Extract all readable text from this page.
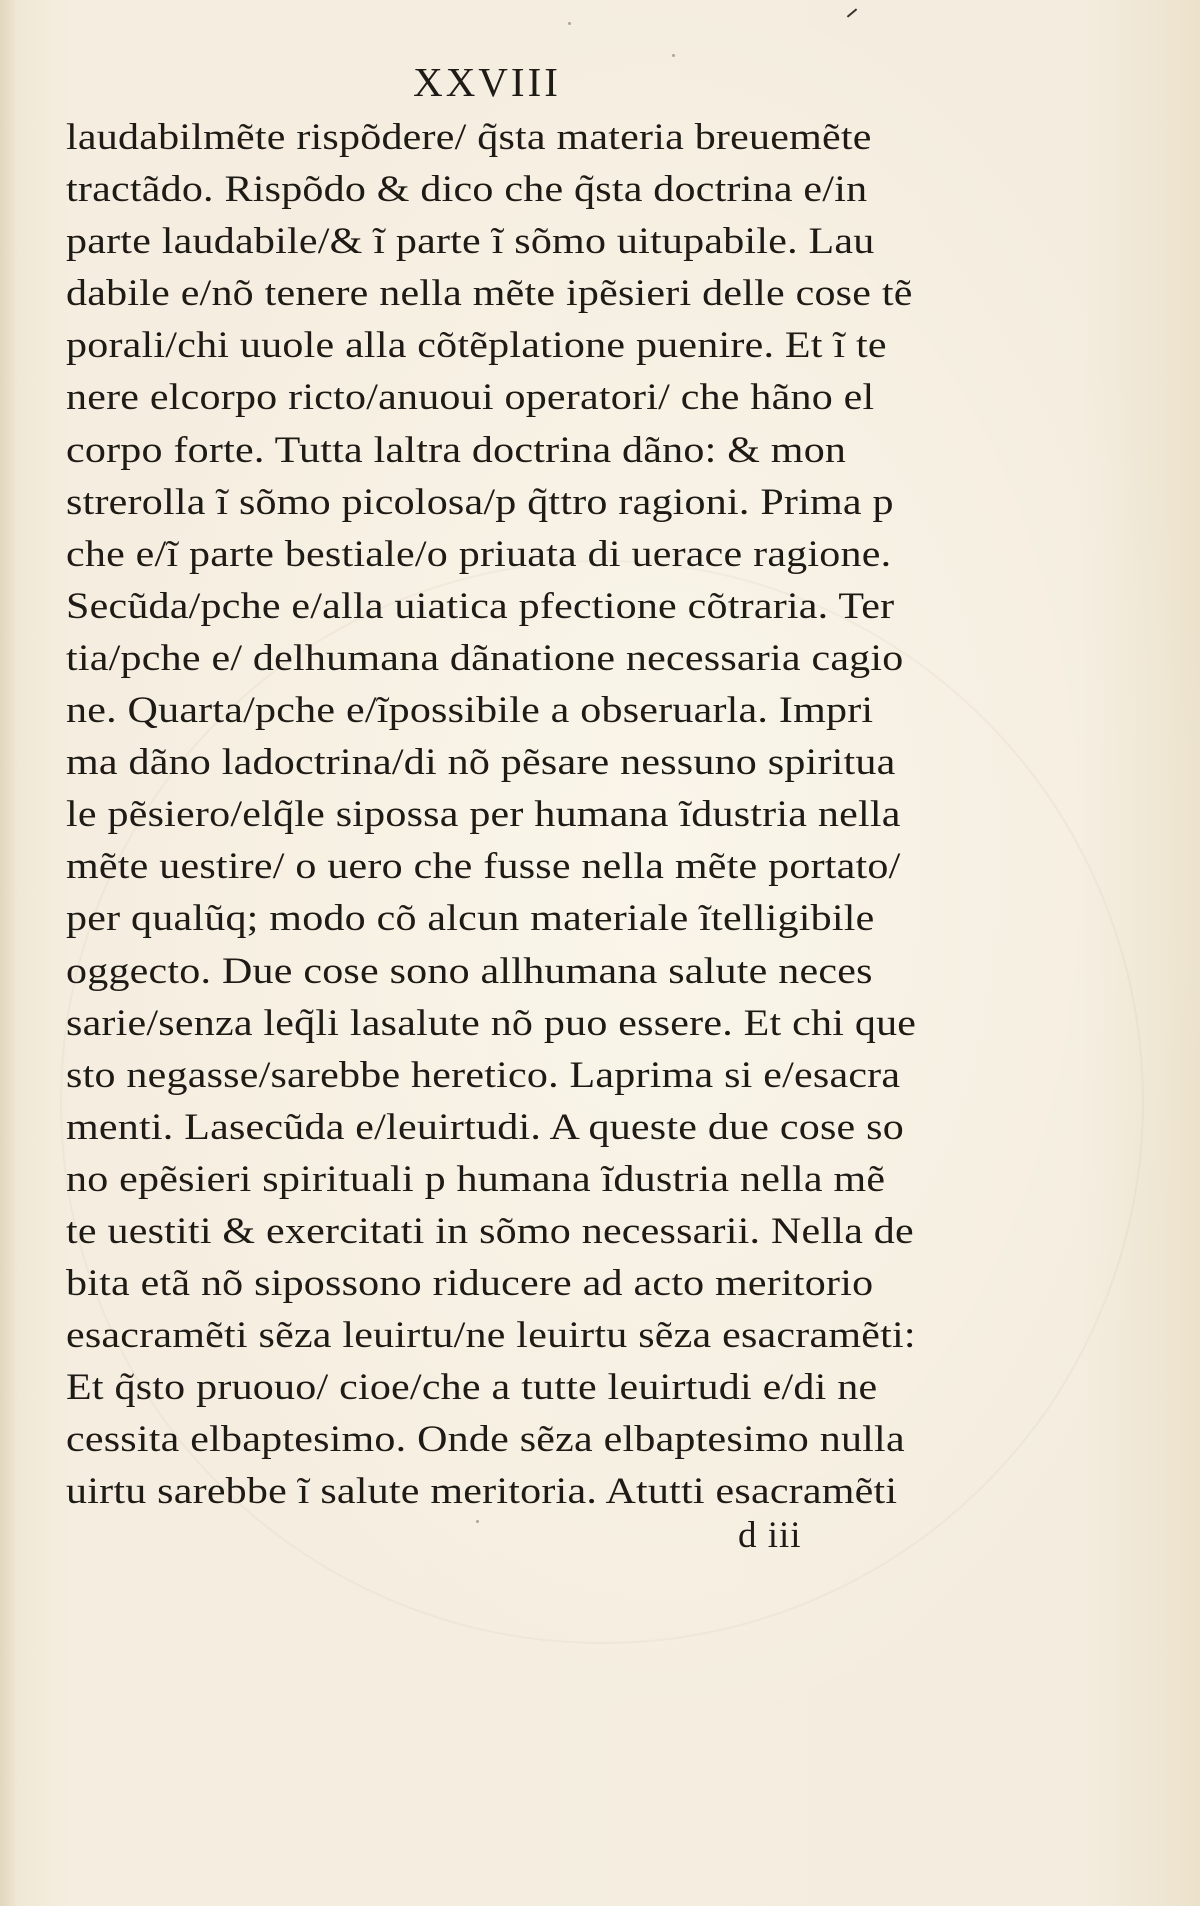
XXVIII
laudabilmẽte rispõdere/ q̃sta materia breuemẽte
tractãdo. Rispõdo & dico che q̃sta doctrina e/in
parte laudabile/& ĩ parte ĩ sõmo uitupabile. Lau
dabile e/nõ tenere nella mẽte ipẽsieri delle cose tẽ
porali/chi uuole alla cõtẽplatione puenire. Et ĩ te
nere elcorpo ricto/anuoui operatori/ che hãno el
corpo forte. Tutta laltra doctrina dãno: & mon
strerolla ĩ sõmo picolosa/p q̃ttro ragioni. Prima p
che e/ĩ parte bestiale/o priuata di uerace ragione.
Secũda/pche e/alla uiatica pfectione cõtraria. Ter
tia/pche e/ delhumana dãnatione necessaria cagio
ne. Quarta/pche e/ĩpossibile a obseruarla. Impri
ma dãno ladoctrina/di nõ pẽsare nessuno spiritua
le pẽsiero/elq̃le sipossa per humana ĩdustria nella
mẽte uestire/ o uero che fusse nella mẽte portato/
per qualũq; modo cõ alcun materiale ĩtelligibile
oggecto. Due cose sono allhumana salute neces
sarie/senza leq̃li lasalute nõ puo essere. Et chi que
sto negasse/sarebbe heretico. Laprima si e/esacra
menti. Lasecũda e/leuirtudi. A queste due cose so
no epẽsieri spirituali p humana ĩdustria nella mẽ
te uestiti & exercitati in sõmo necessarii. Nella de
bita etã nõ sipossono riducere ad acto meritorio
esacramẽti sẽza leuirtu/ne leuirtu sẽza esacramẽti:
Et q̃sto pruouo/ cioe/che a tutte leuirtudi e/di ne
cessita elbaptesimo. Onde sẽza elbaptesimo nulla
uirtu sarebbe ĩ salute meritoria. Atutti esacramẽti
d iii
